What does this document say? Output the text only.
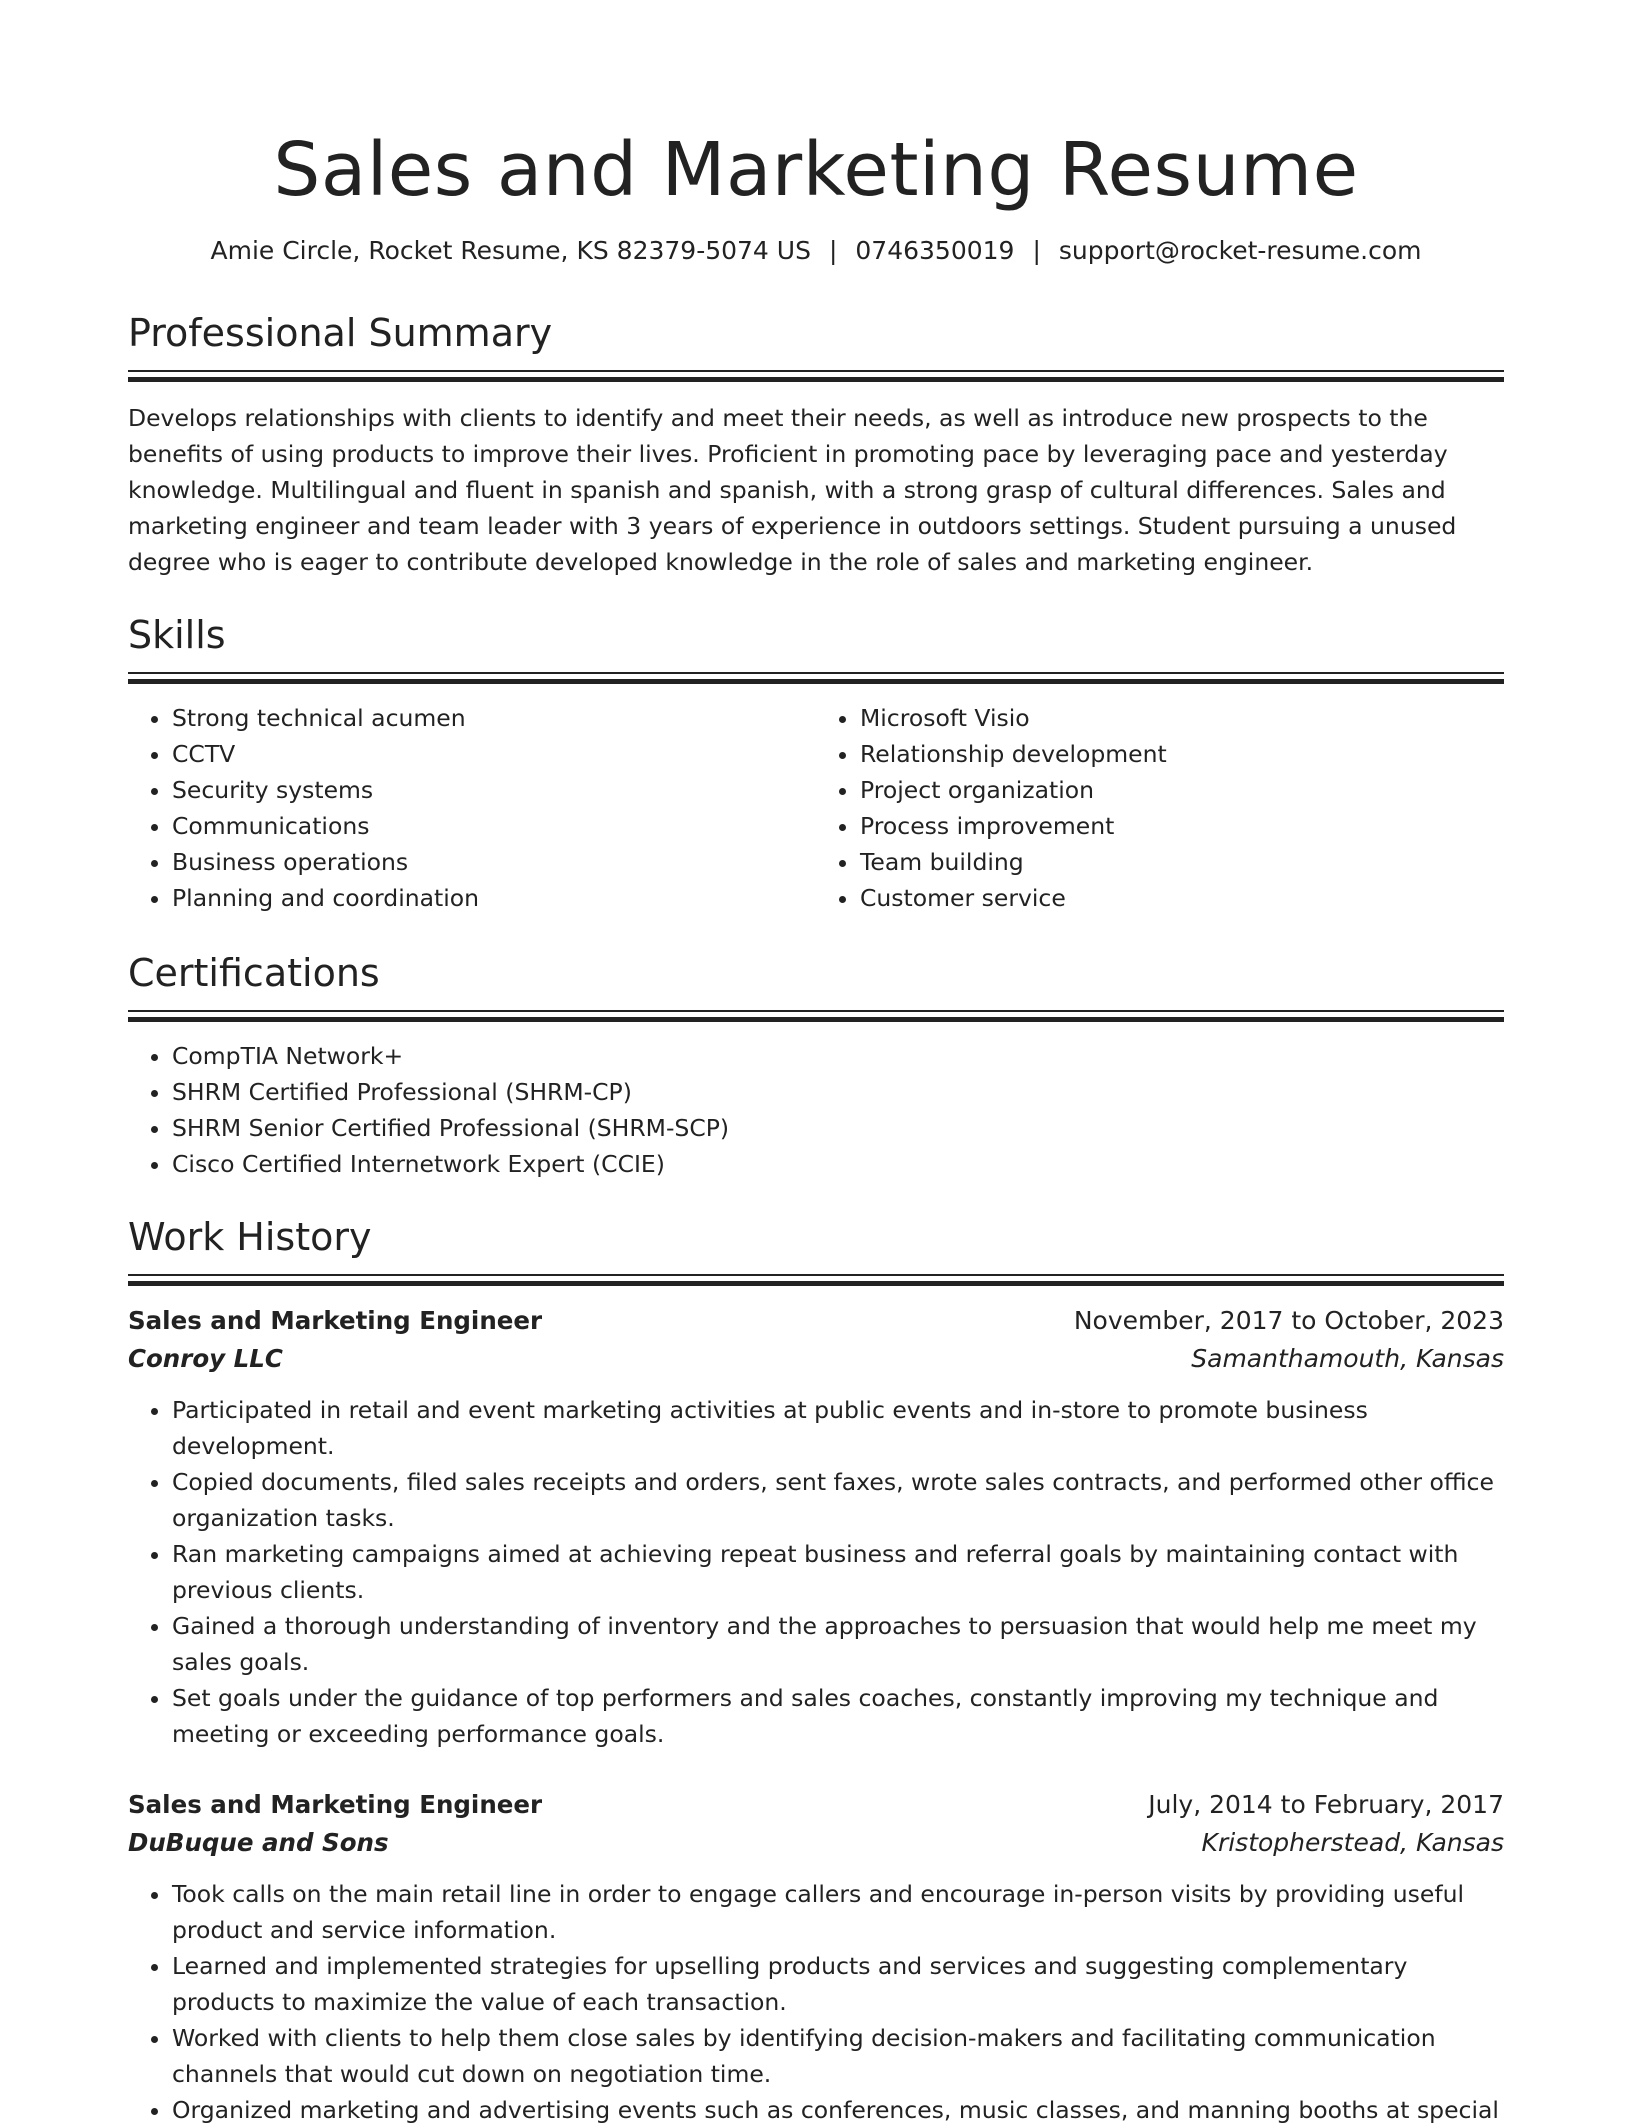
Sales and Marketing Resume
Amie Circle, Rocket Resume, KS 82379-5074 US | 0746350019 | support@rocket-resume.com
Professional Summary
Develops relationships with clients to identify and meet their needs, as well as introduce new prospects to the benefits of using products to improve their lives. Proficient in promoting pace by leveraging pace and yesterday knowledge. Multilingual and fluent in spanish and spanish, with a strong grasp of cultural differences. Sales and marketing engineer and team leader with 3 years of experience in outdoors settings. Student pursuing a unused degree who is eager to contribute developed knowledge in the role of sales and marketing engineer.
Skills
• Strong technical acumen
• CCTV
• Security systems
• Communications
• Business operations
• Planning and coordination
• Microsoft Visio
• Relationship development
• Project organization
• Process improvement
• Team building
• Customer service
Certifications
• CompTIA Network+
• SHRM Certified Professional (SHRM-CP)
• SHRM Senior Certified Professional (SHRM-SCP)
• Cisco Certified Internetwork Expert (CCIE)
Work History
Sales and Marketing Engineer	November, 2017 to October, 2023
Conroy LLC	Samanthamouth, Kansas
• Participated in retail and event marketing activities at public events and in-store to promote business development.
• Copied documents, filed sales receipts and orders, sent faxes, wrote sales contracts, and performed other office organization tasks.
• Ran marketing campaigns aimed at achieving repeat business and referral goals by maintaining contact with previous clients.
• Gained a thorough understanding of inventory and the approaches to persuasion that would help me meet my sales goals.
• Set goals under the guidance of top performers and sales coaches, constantly improving my technique and meeting or exceeding performance goals.
Sales and Marketing Engineer	July, 2014 to February, 2017
DuBuque and Sons	Kristopherstead, Kansas
• Took calls on the main retail line in order to engage callers and encourage in-person visits by providing useful product and service information.
• Learned and implemented strategies for upselling products and services and suggesting complementary products to maximize the value of each transaction.
• Worked with clients to help them close sales by identifying decision-makers and facilitating communication channels that would cut down on negotiation time.
• Organized marketing and advertising events such as conferences, music classes, and manning booths at special
